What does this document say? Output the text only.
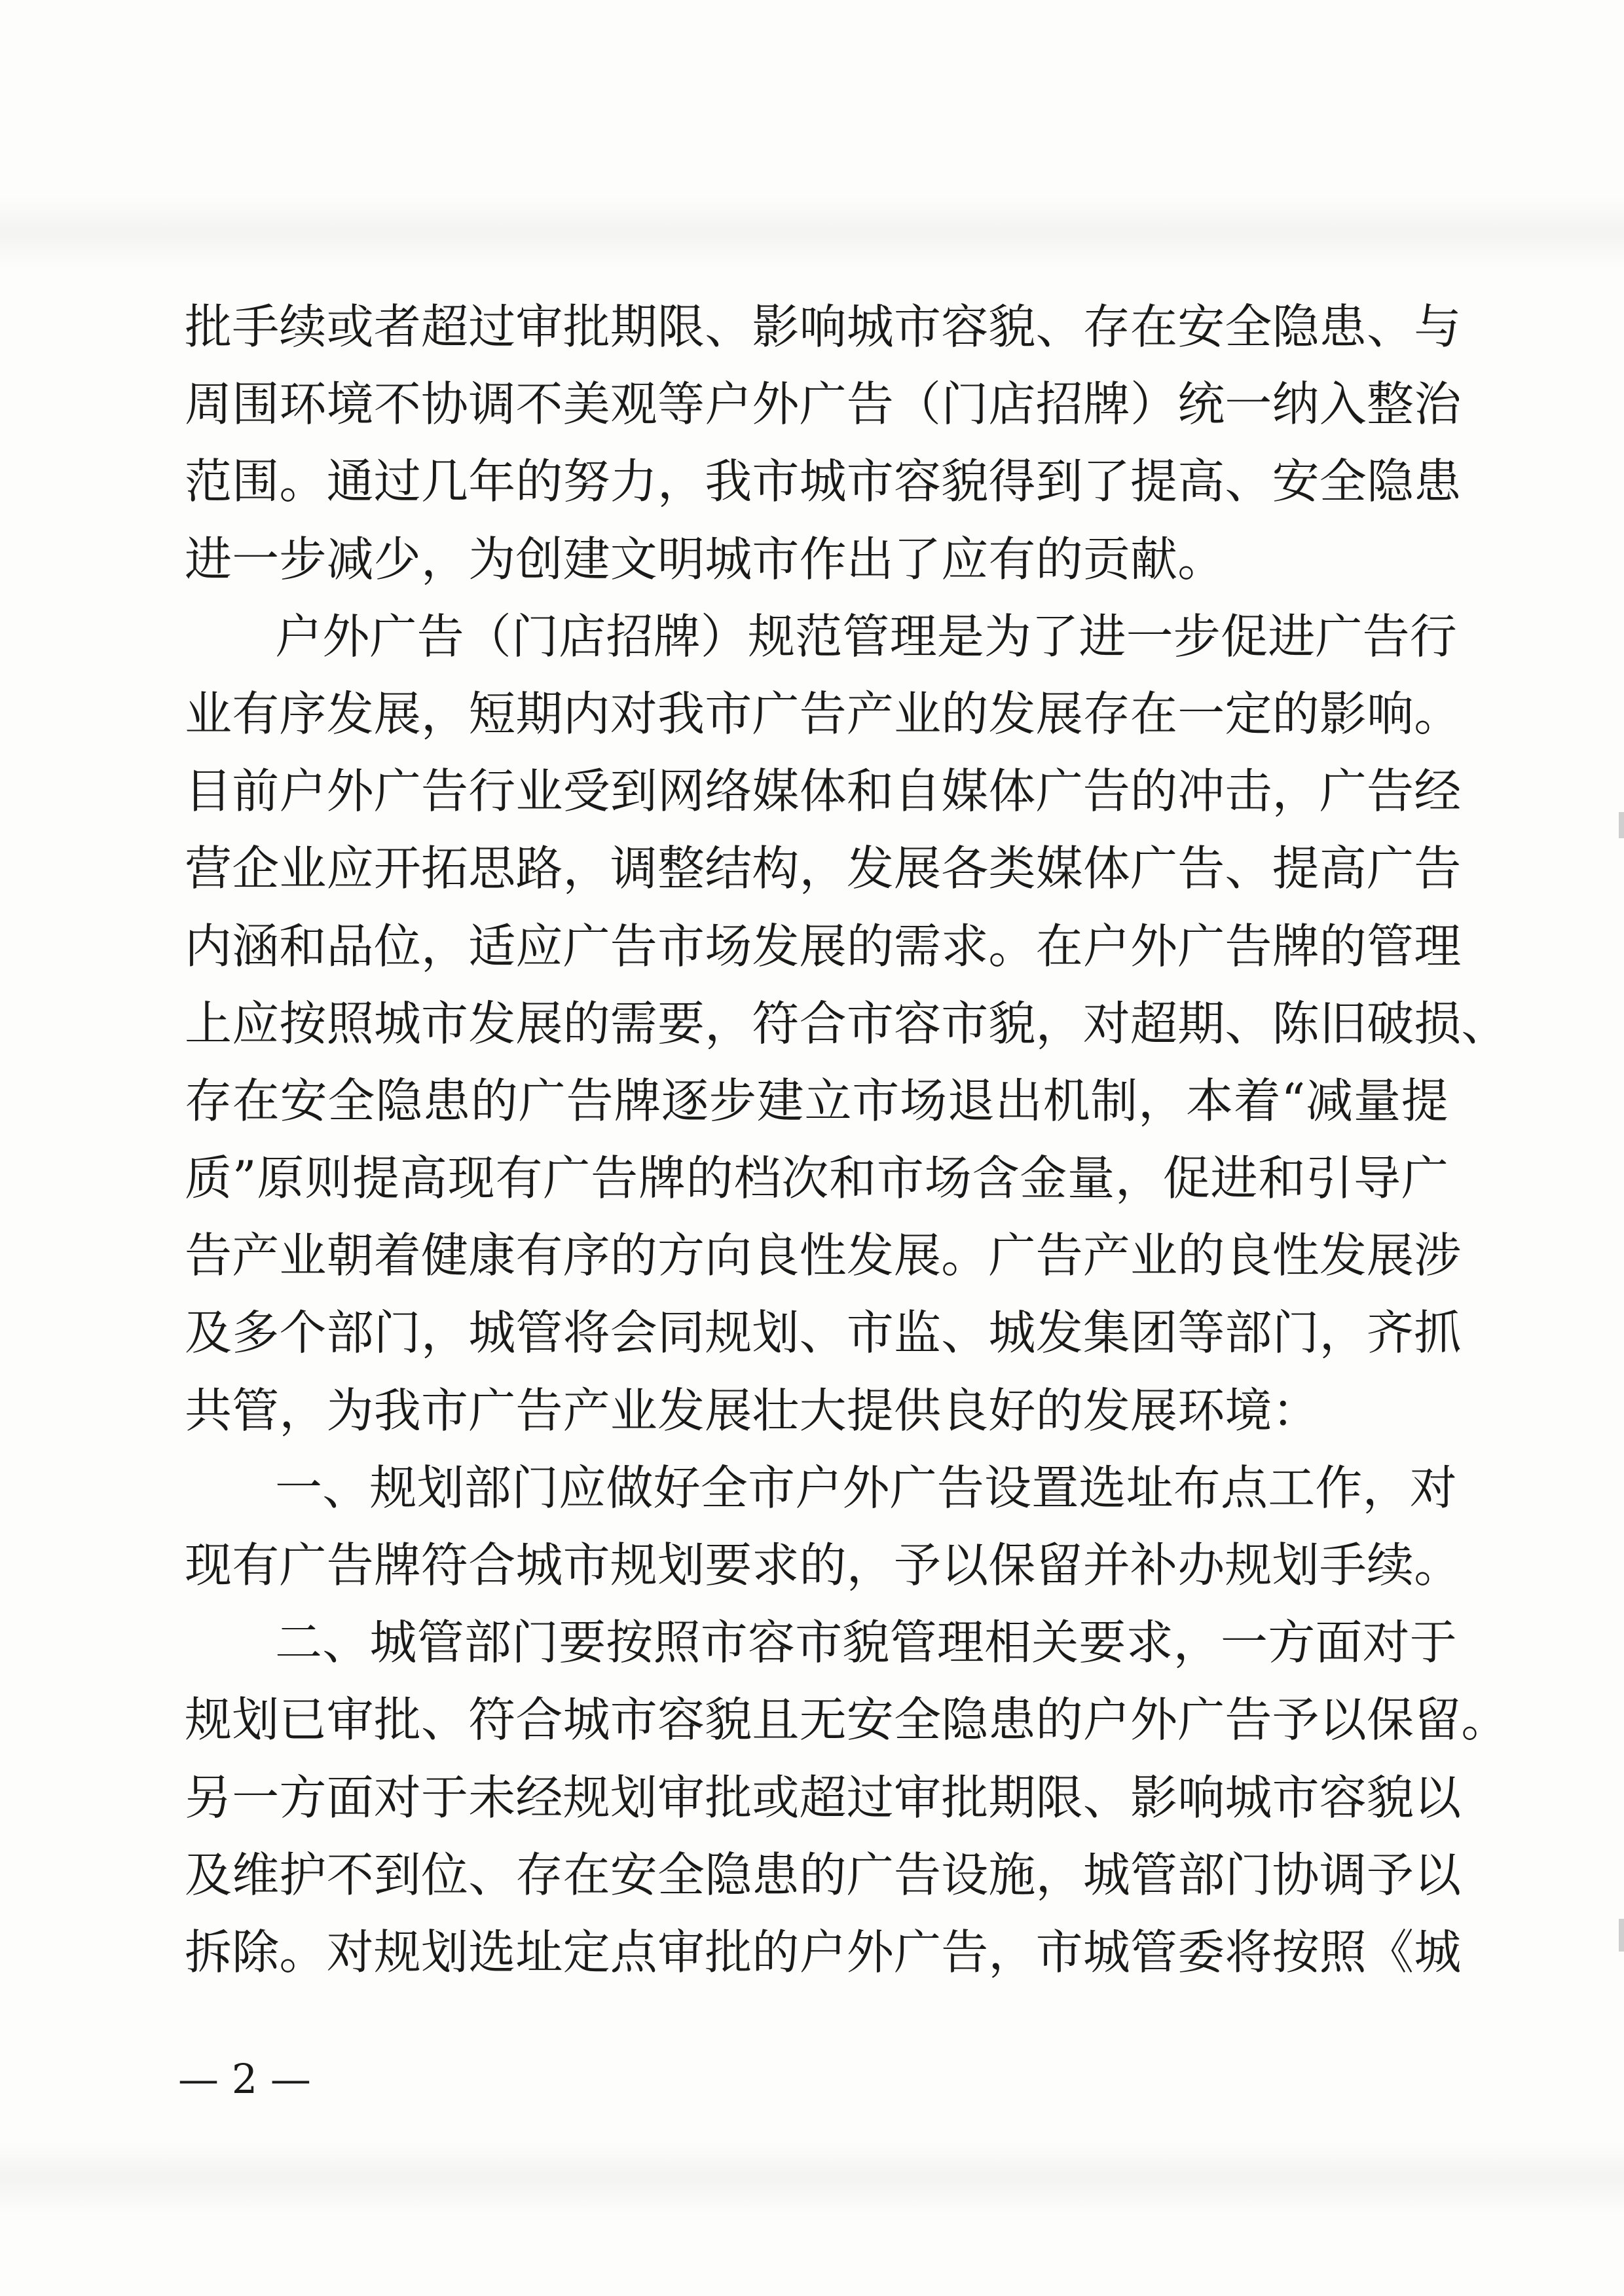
批手续或者超过审批期限、影响城市容貌、存在安全隐患、与
周围环境不协调不美观等户外广告（门店招牌）统一纳入整治
范围。通过几年的努力，我市城市容貌得到了提高、安全隐患
进一步减少，为创建文明城市作出了应有的贡献。
户外广告（门店招牌）规范管理是为了进一步促进广告行
业有序发展，短期内对我市广告产业的发展存在一定的影响。
目前户外广告行业受到网络媒体和自媒体广告的冲击，广告经
营企业应开拓思路，调整结构，发展各类媒体广告、提高广告
内涵和品位，适应广告市场发展的需求。在户外广告牌的管理
上应按照城市发展的需要，符合市容市貌，对超期、陈旧破损、
存在安全隐患的广告牌逐步建立市场退出机制，本着“减量提
质”原则提高现有广告牌的档次和市场含金量，促进和引导广
告产业朝着健康有序的方向良性发展。广告产业的良性发展涉
及多个部门，城管将会同规划、市监、城发集团等部门，齐抓
共管，为我市广告产业发展壮大提供良好的发展环境：
一、规划部门应做好全市户外广告设置选址布点工作，对
现有广告牌符合城市规划要求的，予以保留并补办规划手续。
二、城管部门要按照市容市貌管理相关要求，一方面对于
规划已审批、符合城市容貌且无安全隐患的户外广告予以保留。
另一方面对于未经规划审批或超过审批期限、影响城市容貌以
及维护不到位、存在安全隐患的广告设施，城管部门协调予以
拆除。对规划选址定点审批的户外广告，市城管委将按照《城
— 2 —
